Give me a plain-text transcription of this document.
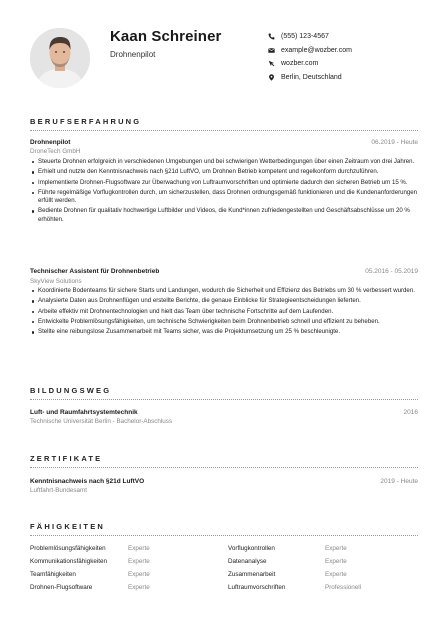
Kaan Schreiner
Drohnenpilot
(555) 123-4567
example@wozber.com
wozber.com
Berlin, Deutschland
BERUFSERFAHRUNG
Drohnenpilot	06.2019 - Heute
DroneTech GmbH
Steuerte Drohnen erfolgreich in verschiedenen Umgebungen und bei schwierigen Wetterbedingungen über einen Zeitraum von drei Jahren.
Erhielt und nutzte den Kenntnisnachweis nach §21d LuftVO, um Drohnen Betrieb kompetent und regelkonform durchzuführen.
Implementierte Drohnen-Flugsoftware zur Überwachung von Luftraumvorschriften und optimierte dadurch den sicheren Betrieb um 15 %.
Führte regelmäßige Vorflugkontrollen durch, um sicherzustellen, dass Drohnen ordnungsgemäß funktionieren und die Kundenanforderungen erfüllt werden.
Bediente Drohnen für qualitativ hochwertige Luftbilder und Videos, die Kund*innen zufriedengestellten und Geschäftsabschlüsse um 20 % erhöhten.
Technischer Assistent für Drohnenbetrieb	05.2016 - 05.2019
SkyView Solutions
Koordinierte Bodenteams für sichere Starts und Landungen, wodurch die Sicherheit und Effizienz des Betriebs um 30 % verbessert wurden.
Analysierte Daten aus Drohnenflügen und erstellte Berichte, die genaue Einblicke für Strategieentscheidungen lieferten.
Arbeite effektiv mit Drohnentechnologien und hielt das Team über technische Fortschritte auf dem Laufenden.
Entwickelte Problemlösungsfähigkeiten, um technische Schwierigkeiten beim Drohnenbetrieb schnell und effizient zu beheben.
Stellte eine reibungslose Zusammenarbeit mit Teams sicher, was die Projektumsetzung um 25 % beschleunigte.
BILDUNGSWEG
Luft- und Raumfahrtsystemtechnik	2016
Technische Universität Berlin - Bachelor-Abschluss
ZERTIFIKATE
Kenntnisnachweis nach §21d LuftVO	2019 - Heute
Luftfahrt-Bundesamt
FÄHIGKEITEN
Problemlösungsfähigkeiten	Experte	Vorflugkontrollen	Experte
Kommunikationsfähigkeiten	Experte	Datenanalyse	Experte
Teamfähigkeiten	Experte	Zusammenarbeit	Experte
Drohnen-Flugsoftware	Experte	Luftraumvorschriften	Professionell
